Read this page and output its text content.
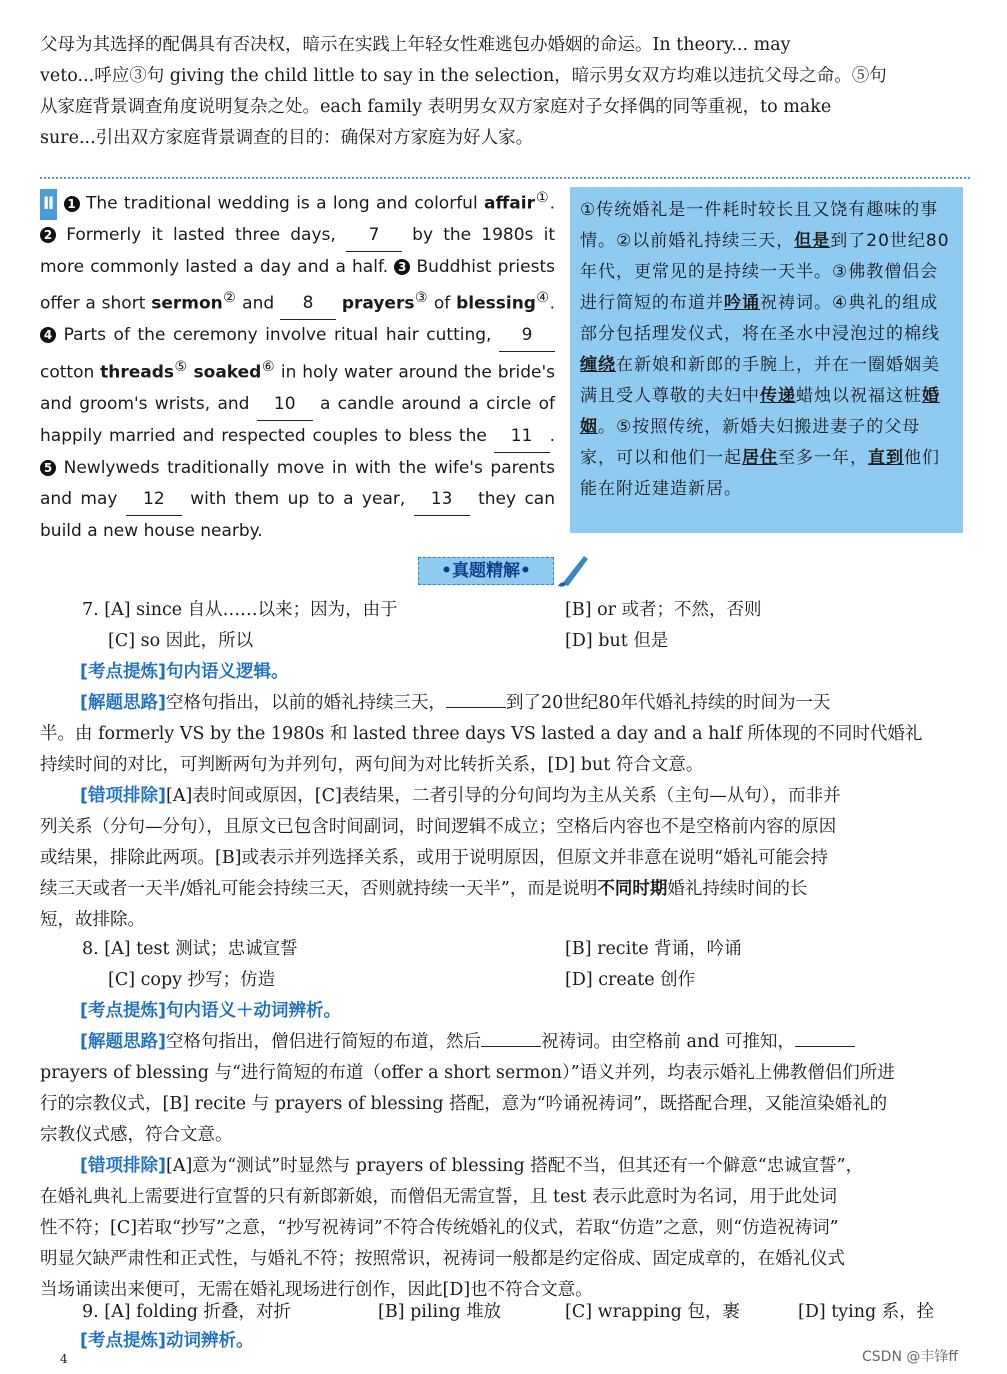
父母为其选择的配偶具有否决权，暗示在实践上年轻女性难逃包办婚姻的命运。In theory... may
veto...呼应③句 giving the child little to say in the selection，暗示男女双方均难以违抗父母之命。⑤句
从家庭背景调查角度说明复杂之处。each family 表明男女双方家庭对子女择偶的同等重视，to make
sure...引出双方家庭背景调查的目的：确保对方家庭为好人家。
Ⅱ 1 The traditional wedding is a long and colorful affair①. 2 Formerly it lasted three days, 7 by the 1980s it more commonly lasted a day and a half. 3 Buddhist priests offer a short sermon② and 8 prayers③ of blessing④. 4 Parts of the ceremony involve ritual hair cutting, 9 cotton threads⑤ soaked⑥ in holy water around the bride's and groom's wrists, and 10 a candle around a circle of happily married and respected couples to bless the 11 . 5 Newlyweds traditionally move in with the wife's parents and may 12 with them up to a year, 13 they can build a new house nearby.
①传统婚礼是一件耗时较长且又饶有趣味的事情。②以前婚礼持续三天，但是到了20世纪80年代，更常见的是持续一天半。③佛教僧侣会进行简短的布道并吟诵祝祷词。④典礼的组成部分包括理发仪式，将在圣水中浸泡过的棉线缠绕在新娘和新郎的手腕上，并在一圈婚姻美满且受人尊敬的夫妇中传递蜡烛以祝福这桩婚姻。⑤按照传统，新婚夫妇搬进妻子的父母家，可以和他们一起居住至多一年，直到他们能在附近建造新居。
•真题精解•
7. [A] since 自从……以来；因为，由于	[B] or 或者；不然，否则
[C] so 因此，所以	[D] but 但是
[考点提炼]句内语义逻辑。
[解题思路]空格句指出，以前的婚礼持续三天，	到了20世纪80年代婚礼持续的时间为一天
半。由 formerly VS by the 1980s 和 lasted three days VS lasted a day and a half 所体现的不同时代婚礼
持续时间的对比，可判断两句为并列句，两句间为对比转折关系，[D] but 符合文意。
[错项排除][A]表时间或原因，[C]表结果，二者引导的分句间均为主从关系（主句—从句），而非并
列关系（分句—分句），且原文已包含时间副词，时间逻辑不成立；空格后内容也不是空格前内容的原因
或结果，排除此两项。[B]或表示并列选择关系，或用于说明原因，但原文并非意在说明“婚礼可能会持
续三天或者一天半/婚礼可能会持续三天，否则就持续一天半”，而是说明不同时期婚礼持续时间的长
短，故排除。
8. [A] test 测试；忠诚宣誓	[B] recite 背诵，吟诵
[C] copy 抄写；仿造	[D] create 创作
[考点提炼]句内语义＋动词辨析。
[解题思路]空格句指出，僧侣进行简短的布道，然后	祝祷词。由空格前 and 可推知，
prayers of blessing 与“进行简短的布道（offer a short sermon）”语义并列，均表示婚礼上佛教僧侣们所进
行的宗教仪式，[B] recite 与 prayers of blessing 搭配，意为“吟诵祝祷词”，既搭配合理，又能渲染婚礼的
宗教仪式感，符合文意。
[错项排除][A]意为“测试”时显然与 prayers of blessing 搭配不当，但其还有一个僻意“忠诚宣誓”，
在婚礼典礼上需要进行宣誓的只有新郎新娘，而僧侣无需宣誓，且 test 表示此意时为名词，用于此处词
性不符；[C]若取“抄写”之意，“抄写祝祷词”不符合传统婚礼的仪式，若取“仿造”之意，则“仿造祝祷词”
明显欠缺严肃性和正式性，与婚礼不符；按照常识，祝祷词一般都是约定俗成、固定成章的，在婚礼仪式
当场诵读出来便可，无需在婚礼现场进行创作，因此[D]也不符合文意。
9. [A] folding 折叠，对折	[B] piling 堆放	[C] wrapping 包，裹	[D] tying 系，拴
[考点提炼]动词辨析。
4	CSDN @丰锋ff
